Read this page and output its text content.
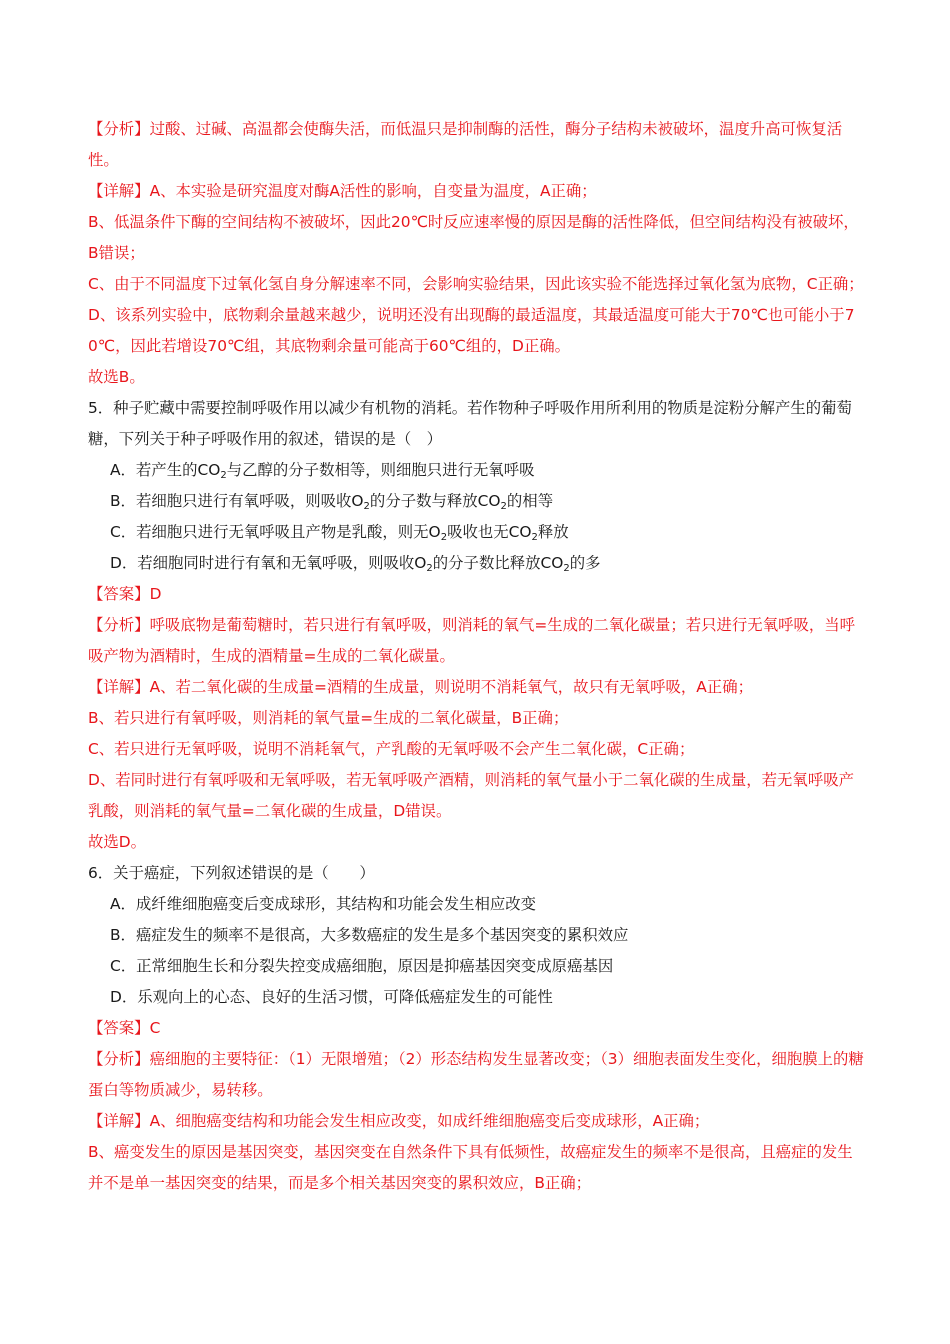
【分析】过酸、过碱、高温都会使酶失活，而低温只是抑制酶的活性，酶分子结构未被破坏，温度升高可恢复活性。

【详解】A、本实验是研究温度对酶A活性的影响，自变量为温度，A正确；

B、低温条件下酶的空间结构不被破坏，因此20℃时反应速率慢的原因是酶的活性降低，但空间结构没有被破坏，B错误；

C、由于不同温度下过氧化氢自身分解速率不同，会影响实验结果，因此该实验不能选择过氧化氢为底物，C正确；

D、该系列实验中，底物剩余量越来越少，说明还没有出现酶的最适温度，其最适温度可能大于70℃也可能小于70℃，因此若增设70℃组，其底物剩余量可能高于60℃组的，D正确。

故选B。

5．种子贮藏中需要控制呼吸作用以减少有机物的消耗。若作物种子呼吸作用所利用的物质是淀粉分解产生的葡萄糖，下列关于种子呼吸作用的叙述，错误的是（　）

A．若产生的$CO_2$与乙醇的分子数相等，则细胞只进行无氧呼吸

B．若细胞只进行有氧呼吸，则吸收$O_2$的分子数与释放$CO_2$的相等

C．若细胞只进行无氧呼吸且产物是乳酸，则无$O_2$吸收也无$CO_2$释放

D．若细胞同时进行有氧和无氧呼吸，则吸收$O_2$的分子数比释放$CO_2$的多

【答案】D

【分析】呼吸底物是葡萄糖时，若只进行有氧呼吸，则消耗的氧气=生成的二氧化碳量；若只进行无氧呼吸，当呼吸产物为酒精时，生成的酒精量=生成的二氧化碳量。

【详解】A、若二氧化碳的生成量=酒精的生成量，则说明不消耗氧气，故只有无氧呼吸，A正确；

B、若只进行有氧呼吸，则消耗的氧气量=生成的二氧化碳量，B正确；

C、若只进行无氧呼吸，说明不消耗氧气，产乳酸的无氧呼吸不会产生二氧化碳，C正确；

D、若同时进行有氧呼吸和无氧呼吸，若无氧呼吸产酒精，则消耗的氧气量小于二氧化碳的生成量，若无氧呼吸产乳酸，则消耗的氧气量=二氧化碳的生成量，D错误。

故选D。

6．关于癌症，下列叙述错误的是（　　）

A．成纤维细胞癌变后变成球形，其结构和功能会发生相应改变

B．癌症发生的频率不是很高，大多数癌症的发生是多个基因突变的累积效应

C．正常细胞生长和分裂失控变成癌细胞，原因是抑癌基因突变成原癌基因

D．乐观向上的心态、良好的生活习惯，可降低癌症发生的可能性

【答案】C

【分析】癌细胞的主要特征：（1）无限增殖；（2）形态结构发生显著改变；（3）细胞表面发生变化，细胞膜上的糖蛋白等物质减少，易转移。

【详解】A、细胞癌变结构和功能会发生相应改变，如成纤维细胞癌变后变成球形，A正确；

B、癌变发生的原因是基因突变，基因突变在自然条件下具有低频性，故癌症发生的频率不是很高，且癌症的发生并不是单一基因突变的结果，而是多个相关基因突变的累积效应，B正确；
